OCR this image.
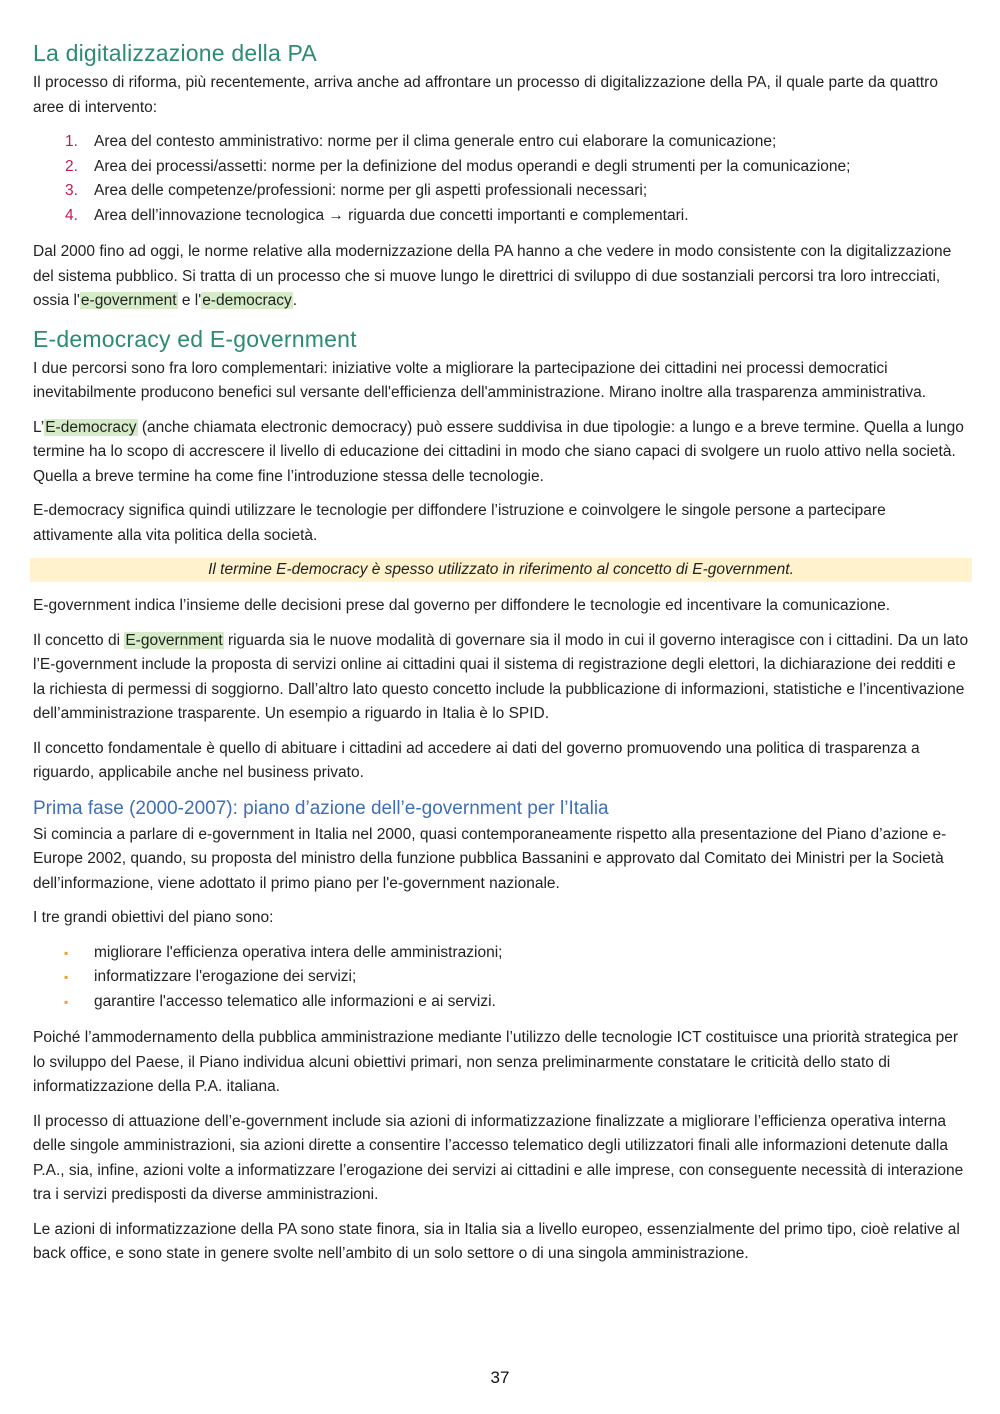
La digitalizzazione della PA

Il processo di riforma, più recentemente, arriva anche ad affrontare un processo di digitalizzazione della PA, il quale parte da quattro aree di intervento:

1. Area del contesto amministrativo: norme per il clima generale entro cui elaborare la comunicazione;
2. Area dei processi/assetti: norme per la definizione del modus operandi e degli strumenti per la comunicazione;
3. Area delle competenze/professioni: norme per gli aspetti professionali necessari;
4. Area dell’innovazione tecnologica → riguarda due concetti importanti e complementari.

Dal 2000 fino ad oggi, le norme relative alla modernizzazione della PA hanno a che vedere in modo consistente con la digitalizzazione del sistema pubblico. Si tratta di un processo che si muove lungo le direttrici di sviluppo di due sostanziali percorsi tra loro intrecciati, ossia l'e-government e l'e-democracy.

E-democracy ed E-government

I due percorsi sono fra loro complementari: iniziative volte a migliorare la partecipazione dei cittadini nei processi democratici inevitabilmente producono benefici sul versante dell'efficienza dell'amministrazione. Mirano inoltre alla trasparenza amministrativa.

L’E-democracy (anche chiamata electronic democracy) può essere suddivisa in due tipologie: a lungo e a breve termine. Quella a lungo termine ha lo scopo di accrescere il livello di educazione dei cittadini in modo che siano capaci di svolgere un ruolo attivo nella società. Quella a breve termine ha come fine l’introduzione stessa delle tecnologie.

E-democracy significa quindi utilizzare le tecnologie per diffondere l’istruzione e coinvolgere le singole persone a partecipare attivamente alla vita politica della società.

Il termine E-democracy è spesso utilizzato in riferimento al concetto di E-government.

E-government indica l’insieme delle decisioni prese dal governo per diffondere le tecnologie ed incentivare la comunicazione.

Il concetto di E-government riguarda sia le nuove modalità di governare sia il modo in cui il governo interagisce con i cittadini. Da un lato l’E-government include la proposta di servizi online ai cittadini quai il sistema di registrazione degli elettori, la dichiarazione dei redditi e la richiesta di permessi di soggiorno. Dall’altro lato questo concetto include la pubblicazione di informazioni, statistiche e l’incentivazione dell’amministrazione trasparente. Un esempio a riguardo in Italia è lo SPID.

Il concetto fondamentale è quello di abituare i cittadini ad accedere ai dati del governo promuovendo una politica di trasparenza a riguardo, applicabile anche nel business privato.

Prima fase (2000-2007): piano d’azione dell’e-government per l’Italia

Si comincia a parlare di e-government in Italia nel 2000, quasi contemporaneamente rispetto alla presentazione del Piano d’azione e-Europe 2002, quando, su proposta del ministro della funzione pubblica Bassanini e approvato dal Comitato dei Ministri per la Società dell’informazione, viene adottato il primo piano per l'e-government nazionale.

I tre grandi obiettivi del piano sono:

▪ migliorare l'efficienza operativa intera delle amministrazioni;
▪ informatizzare l'erogazione dei servizi;
▪ garantire l'accesso telematico alle informazioni e ai servizi.

Poiché l’ammodernamento della pubblica amministrazione mediante l’utilizzo delle tecnologie ICT costituisce una priorità strategica per lo sviluppo del Paese, il Piano individua alcuni obiettivi primari, non senza preliminarmente constatare le criticità dello stato di informatizzazione della P.A. italiana.

Il processo di attuazione dell’e-government include sia azioni di informatizzazione finalizzate a migliorare l’efficienza operativa interna delle singole amministrazioni, sia azioni dirette a consentire l’accesso telematico degli utilizzatori finali alle informazioni detenute dalla P.A., sia, infine, azioni volte a informatizzare l’erogazione dei servizi ai cittadini e alle imprese, con conseguente necessità di interazione tra i servizi predisposti da diverse amministrazioni.

Le azioni di informatizzazione della PA sono state finora, sia in Italia sia a livello europeo, essenzialmente del primo tipo, cioè relative al back office, e sono state in genere svolte nell’ambito di un solo settore o di una singola amministrazione.

37
